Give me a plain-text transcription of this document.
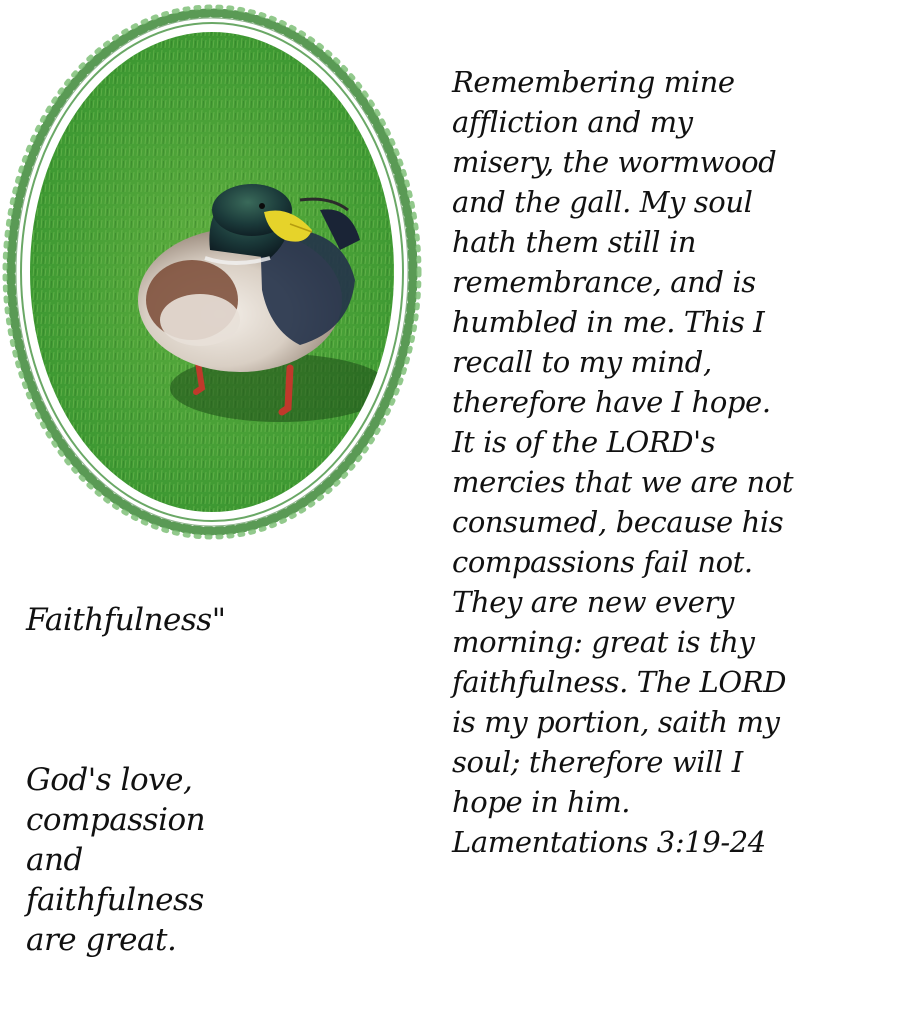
Faithfulness"

God's love,
compassion
and
faithfulness
are great.

Remembering mine
affliction and my
misery, the wormwood
and the gall. My soul
hath them still in
remembrance, and is
humbled in me. This I
recall to my mind,
therefore have I hope.
It is of the LORD's
mercies that we are not
consumed, because his
compassions fail not.
They are new every
morning: great is thy
faithfulness. The LORD
is my portion, saith my
soul; therefore will I
hope in him.
Lamentations 3:19-24
